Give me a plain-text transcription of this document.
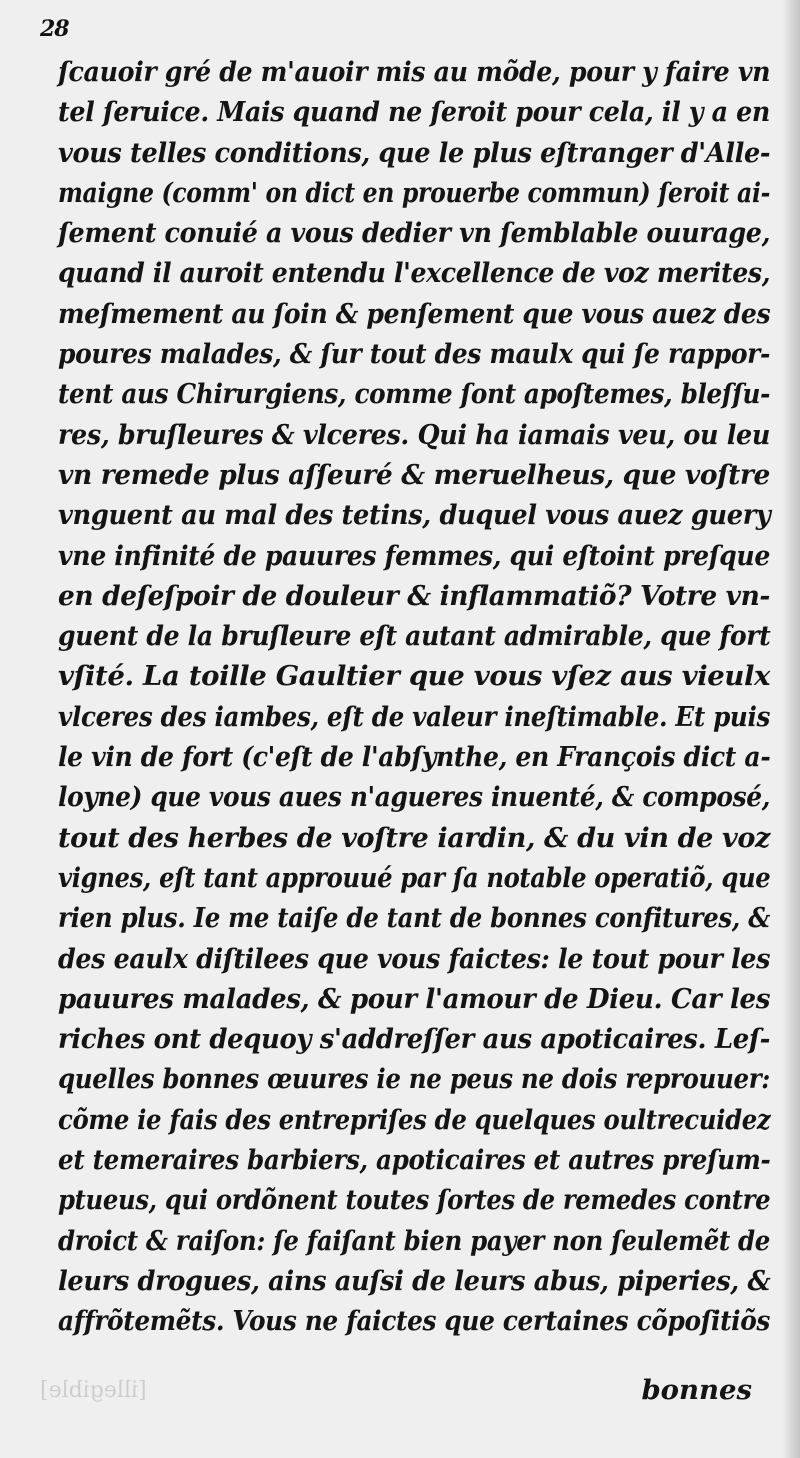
28
ſcauoir gré de m'auoir mis au mõde, pour y faire vn
tel ſeruice. Mais quand ne ſeroit pour cela, il y a en
vous telles conditions, que le plus eſtranger d'Alle-
maigne (comm' on dict en prouerbe commun) ſeroit ai-
ſement conuié a vous dedier vn ſemblable ouurage,
quand il auroit entendu l'excellence de voz merites,
meſmement au ſoin & penſement que vous auez des
poures malades, & ſur tout des maulx qui ſe rappor-
tent aus Chirurgiens, comme ſont apoſtemes, bleſſu-
res, bruſleures & vlceres. Qui ha iamais veu, ou leu
vn remede plus aſſeuré & meruelheus, que voſtre
vnguent au mal des tetins, duquel vous auez guery
vne infinité de pauures femmes, qui eſtoint preſque
en deſeſpoir de douleur & inflammatiõ? Votre vn-
guent de la bruſleure eſt autant admirable, que fort
vſité. La toille Gaultier que vous vſez aus vieulx
vlceres des iambes, eſt de valeur ineſtimable. Et puis
le vin de fort (c'eſt de l'abſynthe, en François dict a-
loyne) que vous aues n'agueres inuenté, & composé,
tout des herbes de voſtre iardin, & du vin de voz
vignes, eſt tant approuué par ſa notable operatiõ, que
rien plus. Ie me taiſe de tant de bonnes confitures, &
des eaulx diſtilees que vous faictes: le tout pour les
pauures malades, & pour l'amour de Dieu. Car les
riches ont dequoy s'addreſſer aus apoticaires. Leſ-
quelles bonnes œuures ie ne peus ne dois reprouuer:
cõme ie fais des entrepriſes de quelques oultrecuidez
et temeraires barbiers, apoticaires et autres preſum-
ptueus, qui ordõnent toutes ſortes de remedes contre
droict & raiſon: ſe faiſant bien payer non ſeulemẽt de
leurs drogues, ains auſsi de leurs abus, piperies, &
affrõtemẽts. Vous ne faictes que certaines cõpoſitiõs
[illegible]	bonnes
